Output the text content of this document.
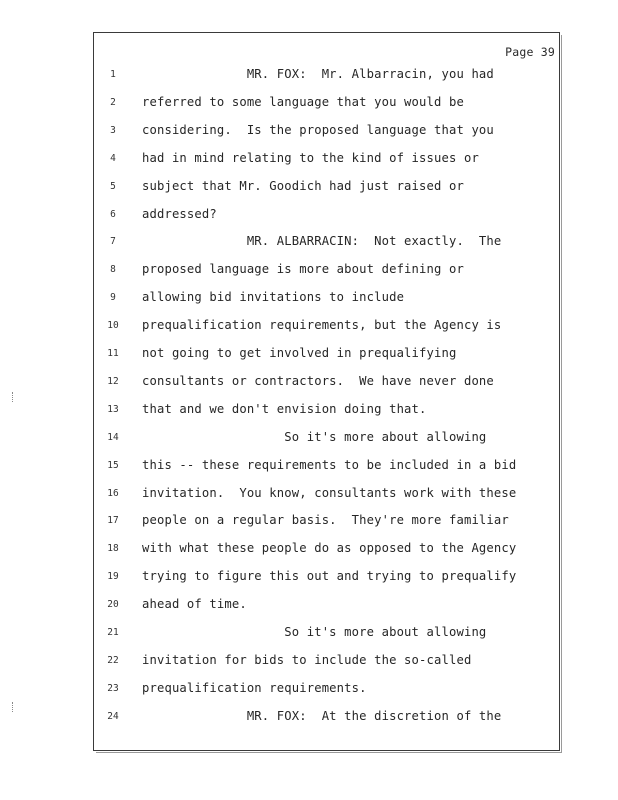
Page 39
1	MR. FOX:  Mr. Albarracin, you had
2	referred to some language that you would be
3	considering.  Is the proposed language that you
4	had in mind relating to the kind of issues or
5	subject that Mr. Goodich had just raised or
6	addressed?
7	MR. ALBARRACIN:  Not exactly.  The
8	proposed language is more about defining or
9	allowing bid invitations to include
10	prequalification requirements, but the Agency is
11	not going to get involved in prequalifying
12	consultants or contractors.  We have never done
13	that and we don't envision doing that.
14	So it's more about allowing
15	this -- these requirements to be included in a bid
16	invitation.  You know, consultants work with these
17	people on a regular basis.  They're more familiar
18	with what these people do as opposed to the Agency
19	trying to figure this out and trying to prequalify
20	ahead of time.
21	So it's more about allowing
22	invitation for bids to include the so-called
23	prequalification requirements.
24	MR. FOX:  At the discretion of the
